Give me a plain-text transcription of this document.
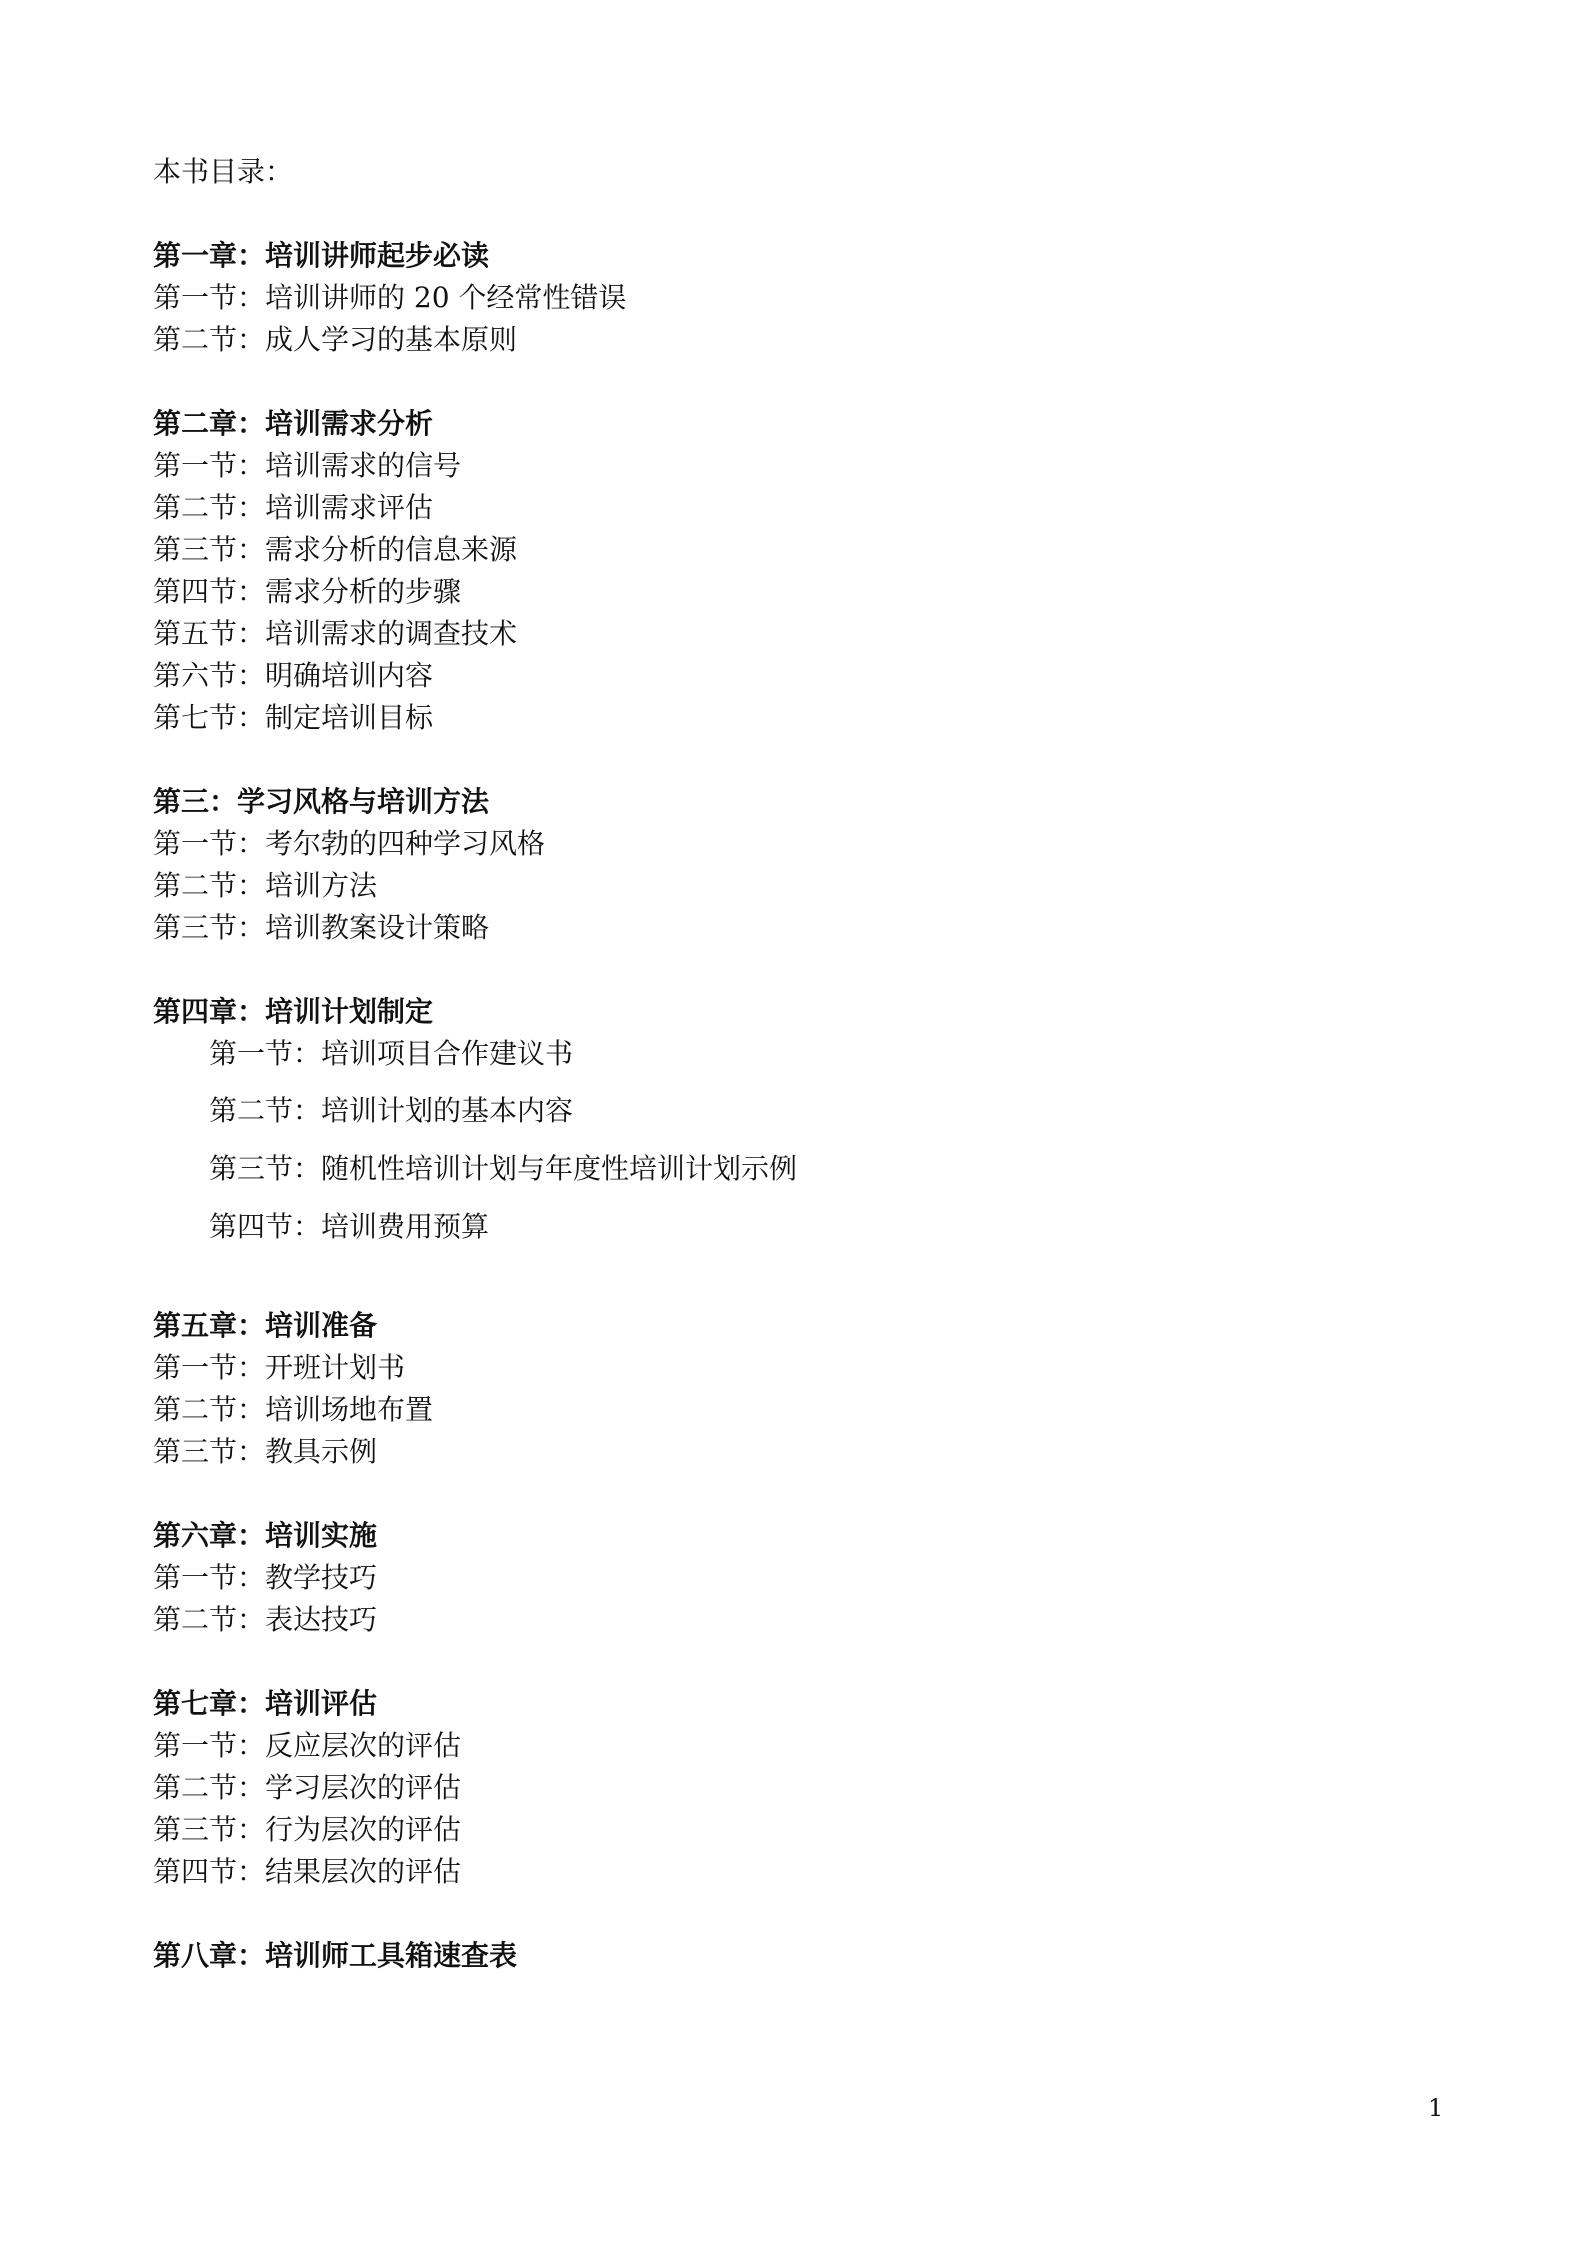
本书目录：
第一章：培训讲师起步必读
第一节：培训讲师的 20 个经常性错误
第二节：成人学习的基本原则
第二章：培训需求分析
第一节：培训需求的信号
第二节：培训需求评估
第三节：需求分析的信息来源
第四节：需求分析的步骤
第五节：培训需求的调查技术
第六节：明确培训内容
第七节：制定培训目标
第三：学习风格与培训方法
第一节：考尔勃的四种学习风格
第二节：培训方法
第三节：培训教案设计策略
第四章：培训计划制定
第一节：培训项目合作建议书
第二节：培训计划的基本内容
第三节：随机性培训计划与年度性培训计划示例
第四节：培训费用预算
第五章：培训准备
第一节：开班计划书
第二节：培训场地布置
第三节：教具示例
第六章：培训实施
第一节：教学技巧
第二节：表达技巧
第七章：培训评估
第一节：反应层次的评估
第二节：学习层次的评估
第三节：行为层次的评估
第四节：结果层次的评估
第八章：培训师工具箱速查表
1
